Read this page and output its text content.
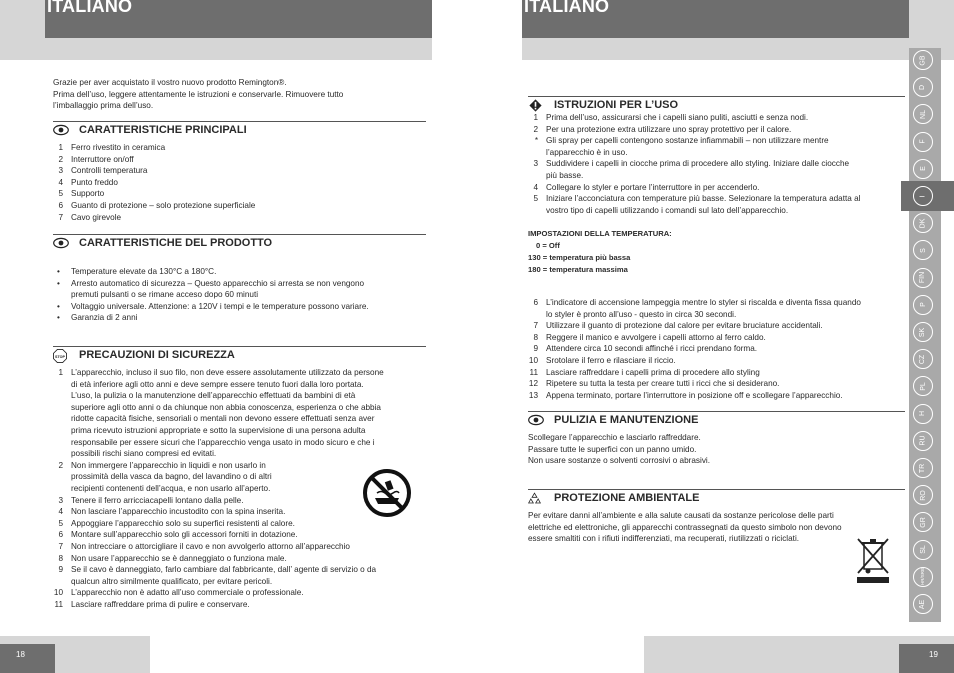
ITALIANO	ITALIANO
18	19

Grazie per aver acquistato il vostro nuovo prodotto Remington®.

Prima dell’uso, leggere attentamente le istruzioni e conservarle. Rimuovere tutto

l’imballaggio prima dell’uso.

CARATTERISTICHE PRINCIPALI
1 Ferro rivestito in ceramica
2 Interruttore on/off
3 Controlli temperatura
4 Punto freddo
5 Supporto
6 Guanto di protezione – solo protezione superficiale
7 Cavo girevole
CARATTERISTICHE DEL PRODOTTO
•	Temperature elevate da 130°C a 180°C.
•	Arresto automatico di sicurezza – Questo apparecchio si arresta se non vengono
premuti pulsanti o se rimane acceso dopo 60 minuti
•	Voltaggio universale. Attenzione: a 120V i tempi e le temperature possono variare.
•	Garanzia di 2 anni
STOP PRECAUZIONI DI SICUREZZA
1 L’apparecchio, incluso il suo filo, non deve essere assolutamente utilizzato da persone
di età inferiore agli otto anni e deve sempre essere tenuto fuori dalla loro portata.
L’uso, la pulizia o la manutenzione dell’apparecchio effettuati da bambini di età
superiore agli otto anni o da chiunque non abbia conoscenza, esperienza o che abbia
ridotte capacità fisiche, sensoriali o mentali non devono essere effettuati senza aver
prima ricevuto istruzioni appropriate e sotto la supervisione di una persona adulta
responsabile per essere sicuri che l’apparecchio venga usato in modo sicuro e che i
possibili rischi siano compresi ed evitati.
2 Non immergere l’apparecchio in liquidi e non usarlo in
prossimità della vasca da bagno, del lavandino o di altri
recipienti contenenti dell’acqua, e non usarlo all’aperto.
3 Tenere il ferro arricciacapelli lontano dalla pelle.
4 Non lasciare l’apparecchio incustodito con la spina inserita.
5 Appoggiare l’apparecchio solo su superfici resistenti al calore.
6 Montare sull’apparecchio solo gli accessori forniti in dotazione.
7 Non intrecciare o attorcigliare il cavo e non avvolgerlo attorno all’apparecchio
8 Non usare l’apparecchio se è danneggiato o funziona male.
9 Se il cavo è danneggiato, farlo cambiare dal fabbricante, dall’ agente di servizio o da
qualcun altro similmente qualificato, per evitare pericoli.
10 L’apparecchio non è adatto all’uso commerciale o professionale.
11 Lasciare raffreddare prima di pulire e conservare.
ISTRUZIONI PER L’USO
1 Prima dell’uso, assicurarsi che i capelli siano puliti, asciutti e senza nodi.
2 Per una protezione extra utilizzare uno spray protettivo per il calore.
* Gli spray per capelli contengono sostanze infiammabili – non utilizzare mentre
l’apparecchio è in uso.
3 Suddividere i capelli in ciocche prima di procedere allo styling. Iniziare dalle ciocche
più basse.
4 Collegare lo styler e portare l’interruttore in per accenderlo.
5 Iniziare l’acconciatura con temperature più basse. Selezionare la temperatura adatta al
vostro tipo di capelli utilizzando i comandi sul lato dell’apparecchio.

IMPOSTAZIONI DELLA TEMPERATURA:

0 = Off

130 = temperatura più bassa

180 = temperatura massima

6 L’indicatore di accensione lampeggia mentre lo styler si riscalda e diventa fissa quando
lo styler è pronto all’uso - questo in circa 30 secondi.
7 Utilizzare il guanto di protezione dal calore per evitare bruciature accidentali.
8 Reggere il manico e avvolgere i capelli attorno al ferro caldo.
9 Attendere circa 10 secondi affinché i ricci prendano forma.
10 Srotolare il ferro e rilasciare il riccio.
11 Lasciare raffreddare i capelli prima di procedere allo styling
12 Ripetere su tutta la testa per creare tutti i ricci che si desiderano.
13 Appena terminato, portare l’interruttore in posizione off e scollegare l’apparecchio.
PULIZIA E MANUTENZIONE

Scollegare l’apparecchio e lasciarlo raffreddare.

Passare tutte le superfici con un panno umido.

Non usare sostanze o solventi corrosivi o abrasivi.

PROTEZIONE AMBIENTALE

Per evitare danni all’ambiente e alla salute causati da sostanze pericolose delle parti

elettriche ed elettroniche, gli apparecchi contrassegnati da questo simbolo non devono

essere smaltiti con i rifiuti indifferenziati, ma recuperati, riutilizzati o riciclati.

GB
D
NL
F
E
I
DK
S
FIN
P
SK
CZ
PL
H
RU
TR
RO
GR
SL
HR/SRB
AE
